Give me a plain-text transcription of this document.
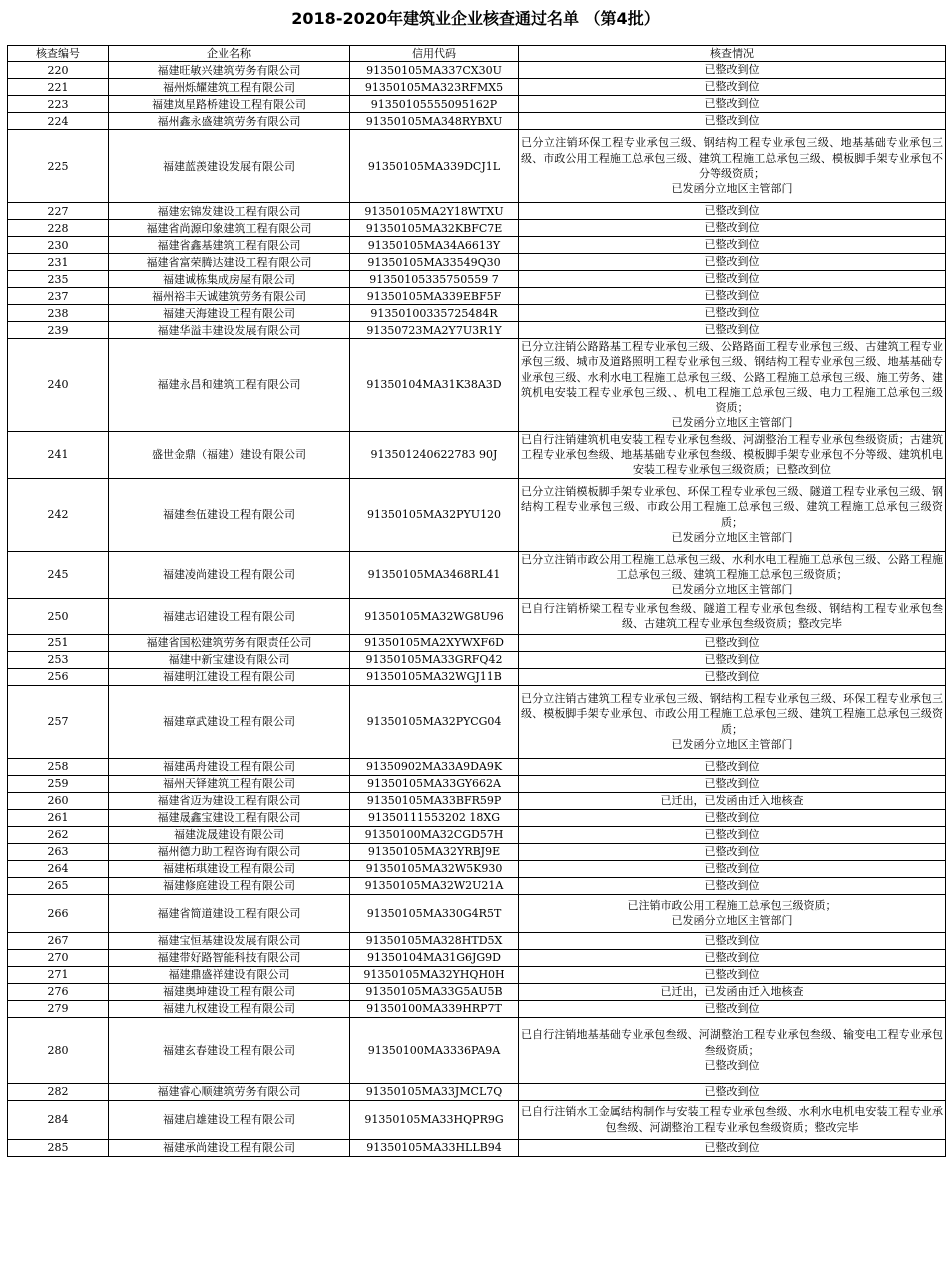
2018-2020年建筑业企业核查通过名单 （第4批）
核查编号	企业名称	信用代码	核查情况
220	福建旺敏兴建筑劳务有限公司	91350105MA337CX30U	已整改到位
221	福州烁耀建筑工程有限公司	91350105MA323RFMX5	已整改到位
223	福建岚星路桥建设工程有限公司	91350105555095162P	已整改到位
224	福州鑫永盛建筑劳务有限公司	91350105MA348RYBXU	已整改到位
225	福建蓝羡建设发展有限公司	91350105MA339DCJ1L	已分立注销环保工程专业承包三级、钢结构工程专业承包三级、地基基础专业承包三级、市政公用工程施工总承包三级、建筑工程施工总承包三级、模板脚手架专业承包不分等级资质；
已发函分立地区主管部门
227	福建宏锦发建设工程有限公司	91350105MA2Y18WTXU	已整改到位
228	福建省尚源印象建筑工程有限公司	91350105MA32KBFC7E	已整改到位
230	福建省鑫基建筑工程有限公司	91350105MA34A6613Y	已整改到位
231	福建省富荣腾达建设工程有限公司	91350105MA33549Q30	已整改到位
235	福建诚栋集成房屋有限公司	91350105335750559 7	已整改到位
237	福州裕丰天诚建筑劳务有限公司	91350105MA339EBF5F	已整改到位
238	福建天海建设工程有限公司	91350100335725484R	已整改到位
239	福建华溢丰建设发展有限公司	91350723MA2Y7U3R1Y	已整改到位
240	福建永昌和建筑工程有限公司	91350104MA31K38A3D	已分立注销公路路基工程专业承包三级、公路路面工程专业承包三级、古建筑工程专业承包三级、城市及道路照明工程专业承包三级、钢结构工程专业承包三级、地基基础专业承包三级、水利水电工程施工总承包三级、公路工程施工总承包三级、施工劳务、建筑机电安装工程专业承包三级、、机电工程施工总承包三级、电力工程施工总承包三级资质；
已发函分立地区主管部门
241	盛世金鼎（福建）建设有限公司	913501240622783 90J	已自行注销建筑机电安装工程专业承包叁级、河湖整治工程专业承包叁级资质；古建筑工程专业承包叁级、地基基础专业承包叁级、模板脚手架专业承包不分等级、建筑机电安装工程专业承包三级资质；已整改到位
242	福建叁伍建设工程有限公司	91350105MA32PYU120	已分立注销模板脚手架专业承包、环保工程专业承包三级、隧道工程专业承包三级、钢结构工程专业承包三级、市政公用工程施工总承包三级、建筑工程施工总承包三级资质；
已发函分立地区主管部门
245	福建凌尚建设工程有限公司	91350105MA3468RL41	已分立注销市政公用工程施工总承包三级、水利水电工程施工总承包三级、公路工程施工总承包三级、建筑工程施工总承包三级资质；
已发函分立地区主管部门
250	福建志诏建设工程有限公司	91350105MA32WG8U96	已自行注销桥梁工程专业承包叁级、隧道工程专业承包叁级、钢结构工程专业承包叁级、古建筑工程专业承包叁级资质；整改完毕
251	福建省国松建筑劳务有限责任公司	91350105MA2XYWXF6D	已整改到位
253	福建中新宝建设有限公司	91350105MA33GRFQ42	已整改到位
256	福建明江建设工程有限公司	91350105MA32WGJ11B	已整改到位
257	福建章武建设工程有限公司	91350105MA32PYCG04	已分立注销古建筑工程专业承包三级、钢结构工程专业承包三级、环保工程专业承包三级、模板脚手架专业承包、市政公用工程施工总承包三级、建筑工程施工总承包三级资质；
已发函分立地区主管部门
258	福建禹舟建设工程有限公司	91350902MA33A9DA9K	已整改到位
259	福州天铎建筑工程有限公司	91350105MA33GY662A	已整改到位
260	福建省迈为建设工程有限公司	91350105MA33BFR59P	已迁出，已发函由迁入地核查
261	福建晟鑫宝建设工程有限公司	91350111553202 18XG	已整改到位
262	福建泷晟建设有限公司	91350100MA32CGD57H	已整改到位
263	福州德力助工程咨询有限公司	91350105MA32YRBJ9E	已整改到位
264	福建柘琪建设工程有限公司	91350105MA32W5K930	已整改到位
265	福建修庭建设工程有限公司	91350105MA32W2U21A	已整改到位
266	福建省简道建设工程有限公司	91350105MA330G4R5T	已注销市政公用工程施工总承包三级资质；
已发函分立地区主管部门
267	福建宝恒基建设发展有限公司	91350105MA328HTD5X	已整改到位
270	福建带好路智能科技有限公司	91350104MA31G6JG9D	已整改到位
271	福建鼎盛祥建设有限公司	91350105MA32YHQH0H	已整改到位
276	福建奥坤建设工程有限公司	91350105MA33G5AU5B	已迁出，已发函由迁入地核查
279	福建九权建设工程有限公司	91350100MA339HRP7T	已整改到位
280	福建玄春建设工程有限公司	91350100MA3336PA9A	已自行注销地基基础专业承包叁级、河湖整治工程专业承包叁级、输变电工程专业承包叁级资质；
已整改到位
282	福建睿心顺建筑劳务有限公司	91350105MA33JMCL7Q	已整改到位
284	福建启雄建设工程有限公司	91350105MA33HQPR9G	已自行注销水工金属结构制作与安装工程专业承包叁级、水利水电机电安装工程专业承包叁级、河湖整治工程专业承包叁级资质；整改完毕
285	福建承尚建设工程有限公司	91350105MA33HLLB94	已整改到位
